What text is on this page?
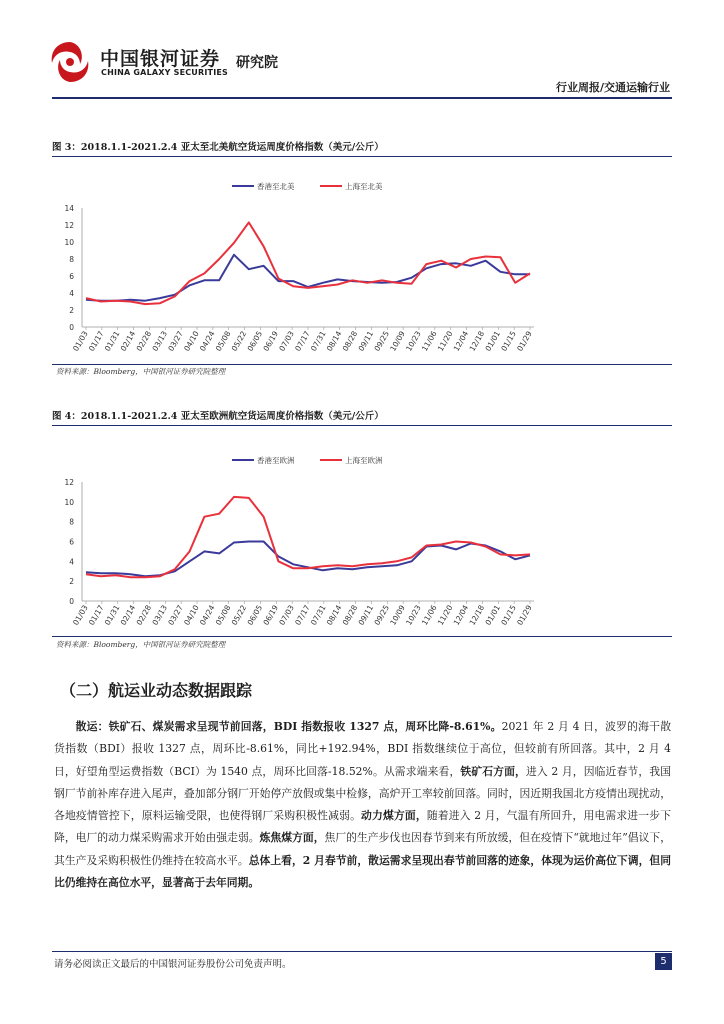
中国银河证券
CHINA GALAXY SECURITIES
研究院
行业周报/交通运输行业
图 3：2018.1.1-2021.2.4 亚太至北美航空货运周度价格指数（美元/公斤）
0
2
4
6
8
10
12
14
01/03
01/17
01/31
02/14
02/28
03/13
03/27
04/10
04/24
05/08
05/22
06/05
06/19
07/03
07/17
07/31
08/14
08/28
09/11
09/25
10/09
10/23
11/06
11/20
12/04
12/18
01/01
01/15
01/29
香港至北美	上海至北美
资料来源：Bloomberg，中国银河证券研究院整理
图 4：2018.1.1-2021.2.4 亚太至欧洲航空货运周度价格指数（美元/公斤）
0
2
4
6
8
10
12
01/03
01/17
01/31
02/14
02/28
03/13
03/27
04/10
04/24
05/08
05/22
06/05
06/19
07/03
07/17
07/31
08/14
08/28
09/11
09/25
10/09
10/23
11/06
11/20
12/04
12/18
01/01
01/15
01/29
香港至欧洲	上海至欧洲
资料来源：Bloomberg，中国银河证券研究院整理
（二）航运业动态数据跟踪
散运：铁矿石、煤炭需求呈现节前回落，BDI 指数报收 1327 点，周环比降-8.61%。2021 年 2 月 4 日，波罗的海干散货指数（BDI）报收 1327 点，周环比-8.61%，同比+192.94%，BDI 指数继续位于高位，但较前有所回落。其中，2 月 4 日，好望角型运费指数（BCI）为 1540 点，周环比回落-18.52%。从需求端来看，铁矿石方面，进入 2 月，因临近春节，我国钢厂节前补库存进入尾声，叠加部分钢厂开始停产放假或集中检修，高炉开工率较前回落。同时，因近期我国北方疫情出现扰动，各地疫情管控下，原料运输受限，也使得钢厂采购积极性减弱。动力煤方面，随着进入 2 月，气温有所回升，用电需求进一步下降，电厂的动力煤采购需求开始由强走弱。炼焦煤方面，焦厂的生产步伐也因春节到来有所放缓，但在疫情下“就地过年”倡议下，其生产及采购积极性仍维持在较高水平。总体上看，2 月春节前，散运需求呈现出春节前回落的迹象，体现为运价高位下调，但同比仍维持在高位水平，显著高于去年同期。
请务必阅读正文最后的中国银河证券股份公司免责声明。	5
